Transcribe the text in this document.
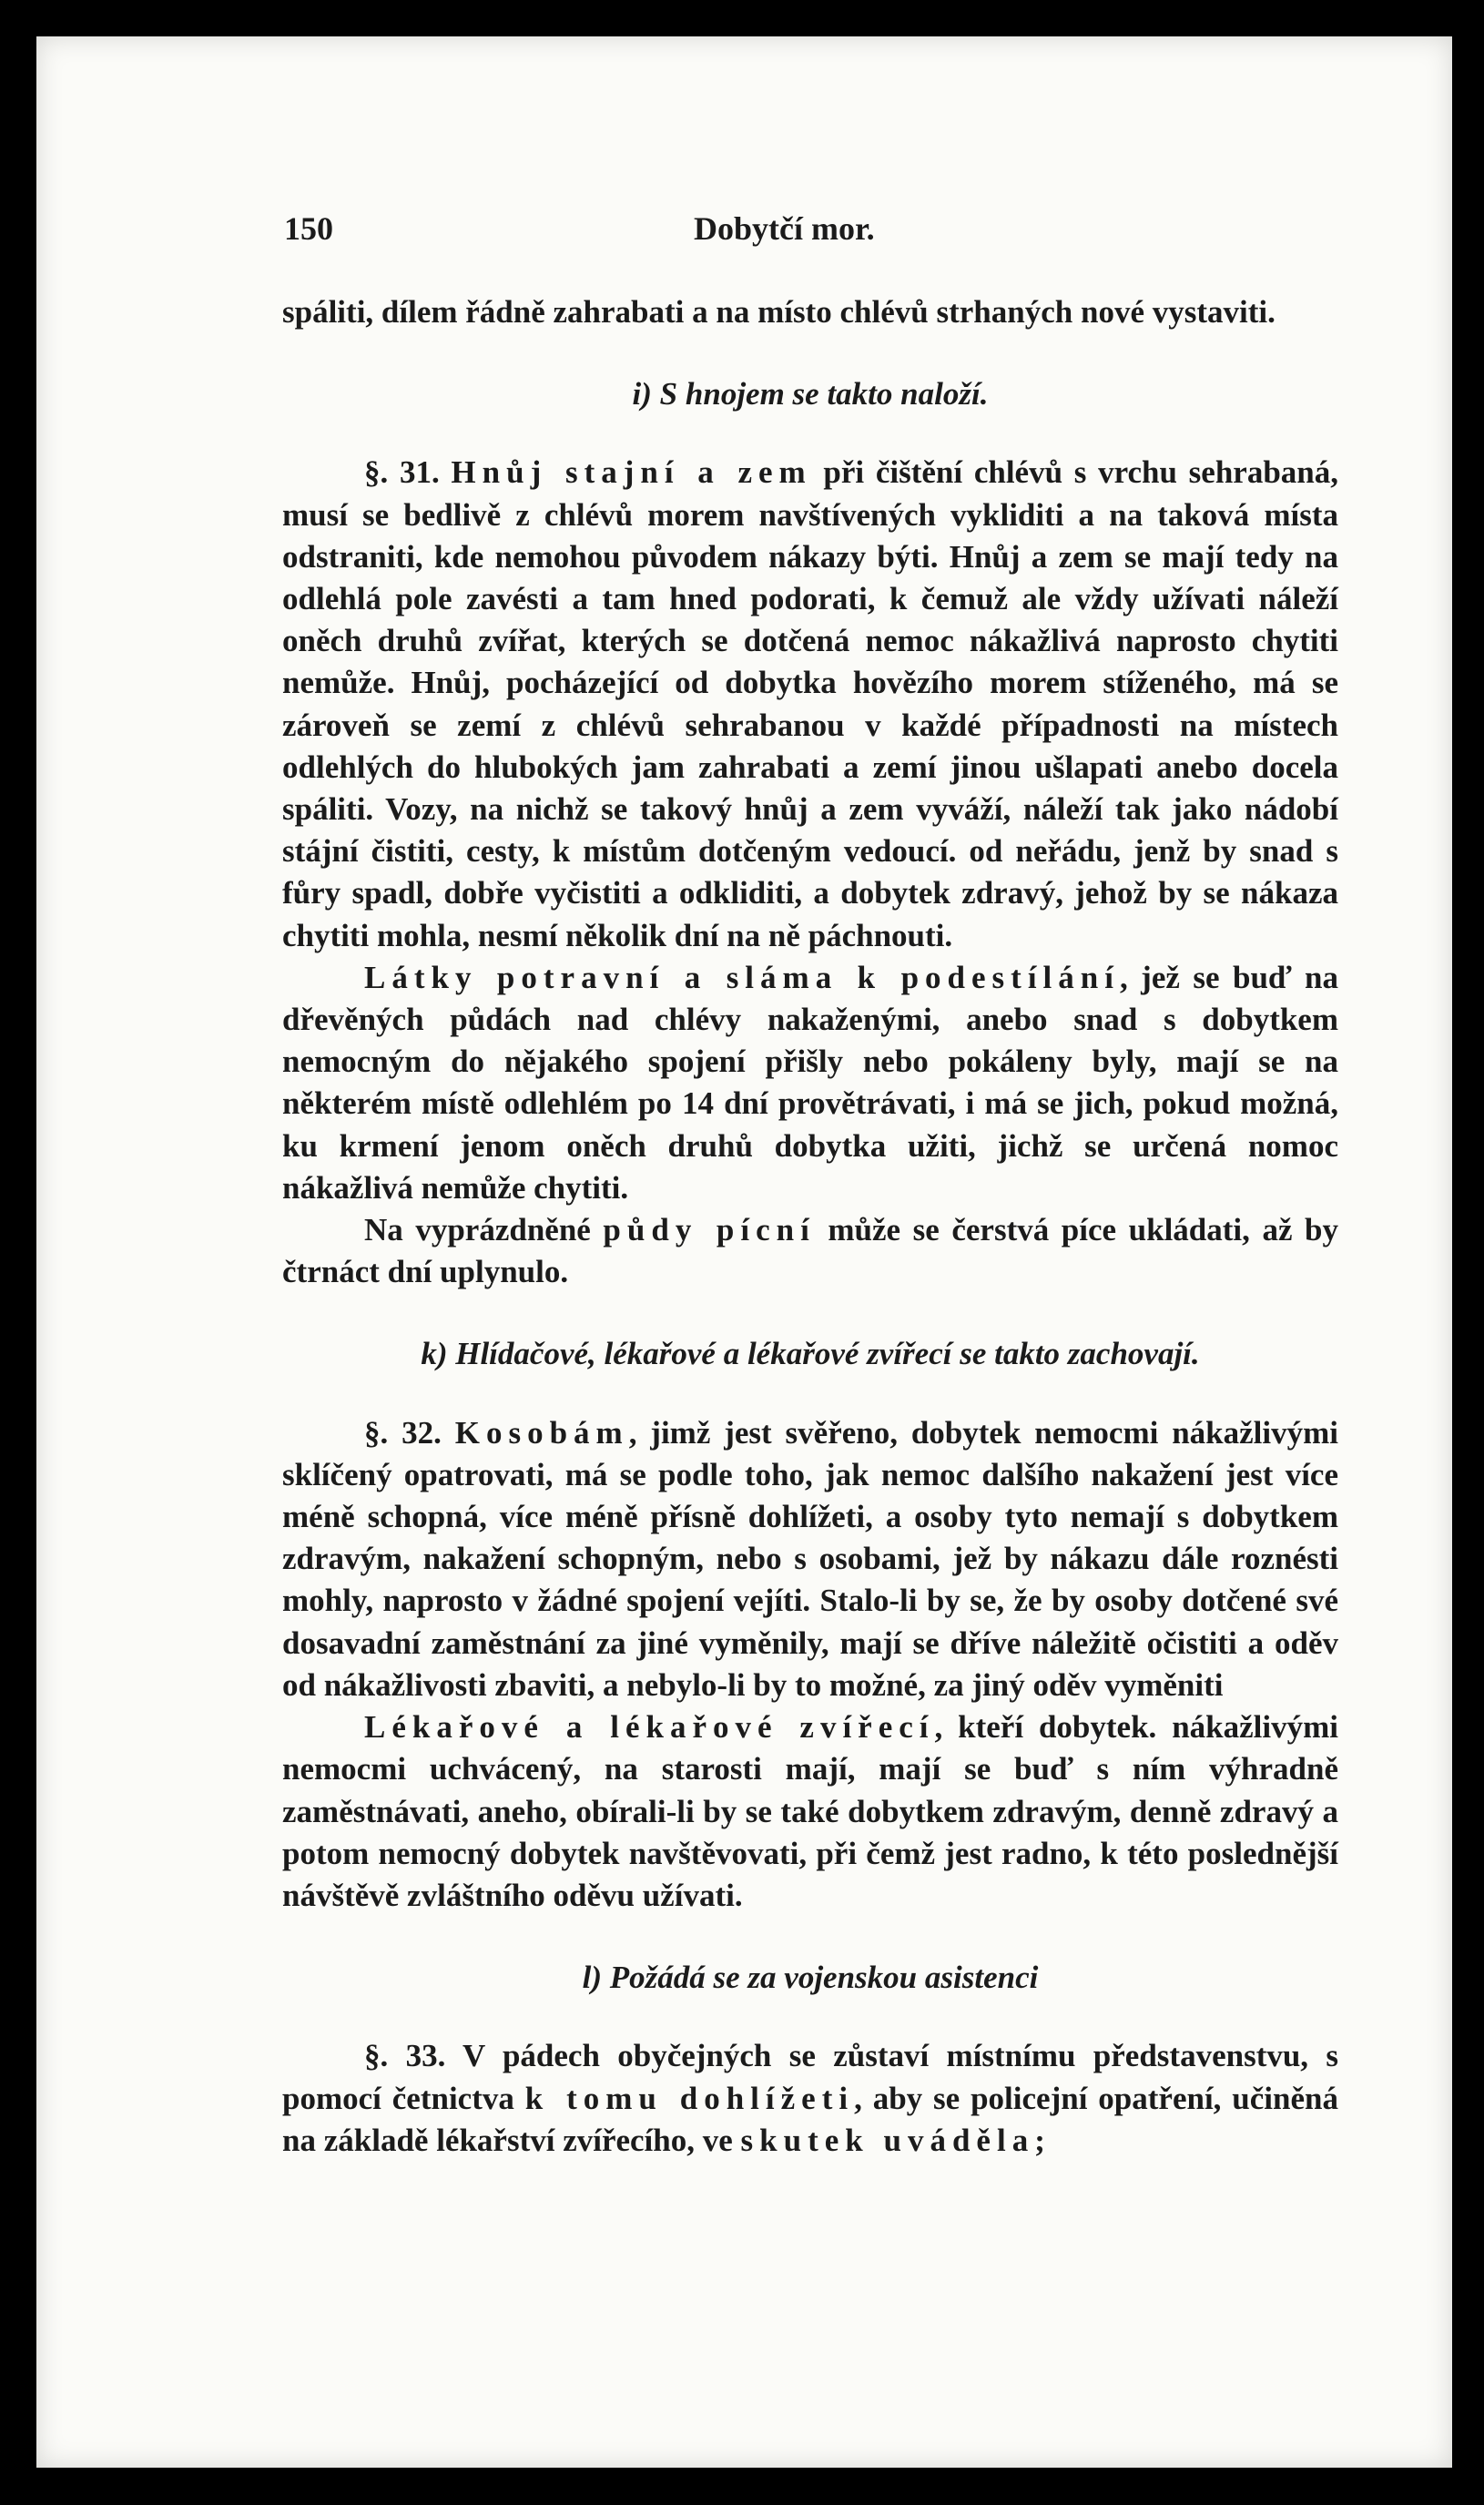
150	Dobytčí mor.

spáliti, dílem řádně zahrabati a na místo chlévů strhaných nové vystaviti.

i) S hnojem se takto naloží.

§. 31. Hnůj stajní a zem při čištění chlévů s vrchu sehrabaná, musí se bedlivě z chlévů morem navštívených vykliditi a na taková místa odstraniti, kde nemohou původem nákazy býti. Hnůj a zem se mají tedy na odlehlá pole zavésti a tam hned podorati, k čemuž ale vždy užívati náleží oněch druhů zvířat, kterých se dotčená nemoc nákažlivá naprosto chytiti nemůže. Hnůj, pocházející od dobytka hovězího morem stíženého, má se zároveň se zemí z chlévů sehrabanou v každé případnosti na místech odlehlých do hlubokých jam zahrabati a zemí jinou ušlapati anebo docela spáliti. Vozy, na nichž se takový hnůj a zem vyváží, náleží tak jako nádobí stájní čistiti, cesty, k místům dotčeným vedoucí. od neřádu, jenž by snad s fůry spadl, dobře vyčistiti a odkliditi, a dobytek zdravý, jehož by se nákaza chytiti mohla, nesmí několik dní na ně páchnouti.

Látky potravní a sláma k podestílání, jež se buď na dřevěných půdách nad chlévy nakaženými, anebo snad s dobytkem nemocným do nějakého spojení přišly nebo pokáleny byly, mají se na některém místě odlehlém po 14 dní provětrávati, i má se jich, pokud možná, ku krmení jenom oněch druhů dobytka užiti, jichž se určená nomoc nákažlivá nemůže chytiti.

Na vyprázdněné půdy pícní může se čerstvá píce ukládati, až by čtrnáct dní uplynulo.

k) Hlídačové, lékařové a lékařové zvířecí se takto zachovají.

§. 32. Kosobám, jimž jest svěřeno, dobytek nemocmi nákažlivými sklíčený opatrovati, má se podle toho, jak nemoc dalšího nakažení jest více méně schopná, více méně přísně dohlížeti, a osoby tyto nemají s dobytkem zdravým, nakažení schopným, nebo s osobami, jež by nákazu dále roznésti mohly, naprosto v žádné spojení vejíti. Stalo-li by se, že by osoby dotčené své dosavadní zaměstnání za jiné vyměnily, mají se dříve náležitě očistiti a oděv od nákažlivosti zbaviti, a nebylo-li by to možné, za jiný oděv vyměniti

Lékařové a lékařové zvířecí, kteří dobytek. nákažlivými nemocmi uchvácený, na starosti mají, mají se buď s ním výhradně zaměstnávati, aneho, obírali-li by se také dobytkem zdravým, denně zdravý a potom nemocný dobytek navštěvovati, při čemž jest radno, k této poslednější návštěvě zvláštního oděvu užívati.

l) Požádá se za vojenskou asistenci

§. 33. V pádech obyčejných se zůstaví místnímu představenstvu, s pomocí četnictva k tomu dohlížeti, aby se policejní opatření, učiněná na základě lékařství zvířecího, ve skutek uváděla;
